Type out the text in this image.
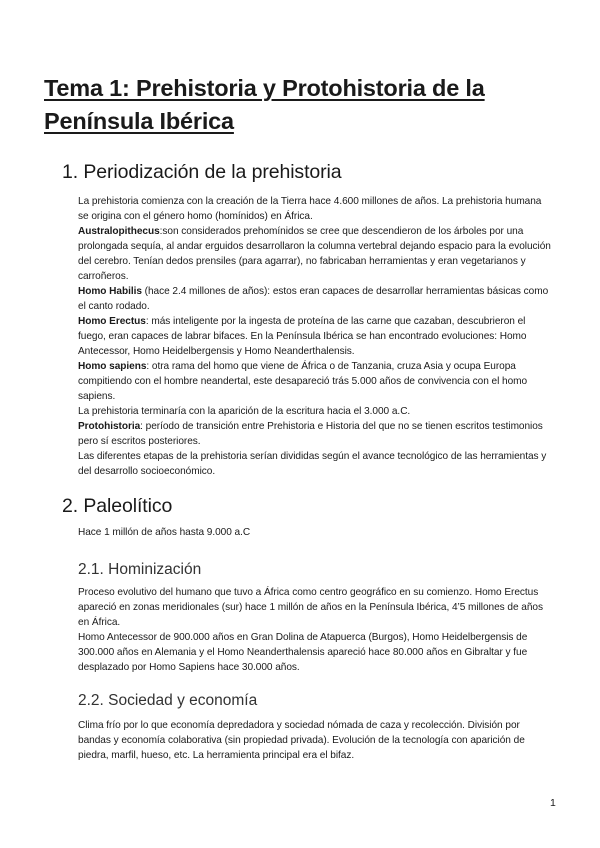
Tema 1: Prehistoria y Protohistoria de la Península Ibérica
1. Periodización de la prehistoria

La prehistoria comienza con la creación de la Tierra hace 4.600 millones de años. La prehistoria humana se origina con el género homo (homínidos) en África.

Australopithecus:son considerados prehomínidos se cree que descendieron de los árboles por una prolongada sequía, al andar erguidos desarrollaron la columna vertebral dejando espacio para la evolución del cerebro. Tenían dedos prensiles (para agarrar), no fabricaban herramientas y eran vegetarianos y carroñeros.

Homo Habilis (hace 2.4 millones de años): estos eran capaces de desarrollar herramientas básicas como el canto rodado.

Homo Erectus: más inteligente por la ingesta de proteína de las carne que cazaban, descubrieron el fuego, eran capaces de labrar bifaces. En la Península Ibérica se han encontrado evoluciones: Homo Antecessor, Homo Heidelbergensis y Homo Neanderthalensis.

Homo sapiens: otra rama del homo que viene de África o de Tanzania, cruza Asia y ocupa Europa compitiendo con el hombre neandertal, este desapareció trás 5.000 años de convivencia con el homo sapiens.

La prehistoria terminaría con la aparición de la escritura hacia el 3.000 a.C.

Protohistoria: período de transición entre Prehistoria e Historia del que no se tienen escritos testimonios pero sí escritos posteriores.

Las diferentes etapas de la prehistoria serían divididas según el avance tecnológico de las herramientas y del desarrollo socioeconómico.

2. Paleolítico

Hace 1 millón de años hasta 9.000 a.C

2.1. Hominización

Proceso evolutivo del humano que tuvo a África como centro geográfico en su comienzo. Homo Erectus apareció en zonas meridionales (sur) hace 1 millón de años en la Península Ibérica, 4’5 millones de años en África.

Homo Antecessor de 900.000 años en Gran Dolina de Atapuerca (Burgos), Homo Heidelbergensis de 300.000 años en Alemania y el Homo Neanderthalensis apareció hace 80.000 años en Gibraltar y fue desplazado por Homo Sapiens hace 30.000 años.

2.2. Sociedad y economía

Clima frío por lo que economía depredadora y sociedad nómada de caza y recolección. División por bandas y economía colaborativa (sin propiedad privada). Evolución de la tecnología con aparición de piedra, marfil, hueso, etc. La herramienta principal era el bifaz.

1
